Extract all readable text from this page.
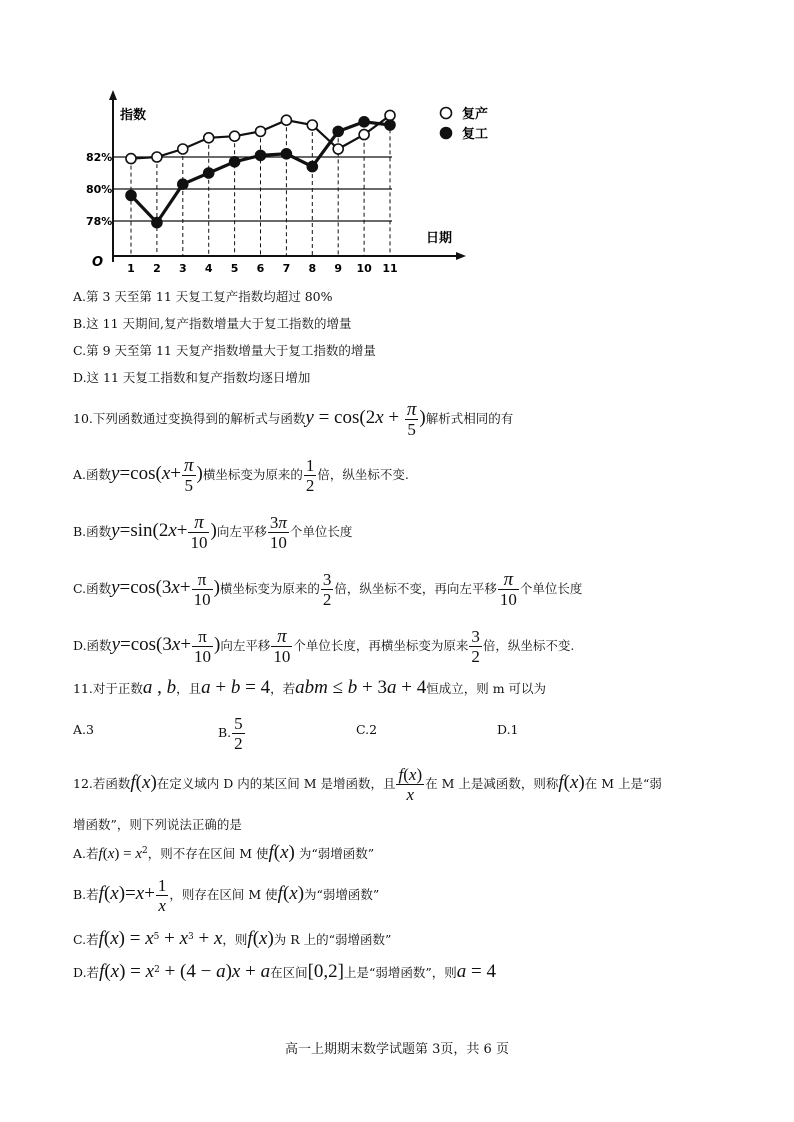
指数
日期
O
78%
80%
82%
1 2 3 4 5 6 7 8 9 10 11
复产
复工
A.第 3 天至第 11 天复工复产指数均超过 80%
B.这 11 天期间,复产指数增量大于复工指数的增量
C.第 9 天至第 11 天复产指数增量大于复工指数的增量
D.这 11 天复工指数和复产指数均逐日增加
10.下列函数通过变换得到的解析式与函数$y = \cos(2x + \frac{\pi}{5}$ )解析式相同的有
A.函数$y=\cos(x+ \frac{\pi}{5}$ )横坐标变为原来的 $\frac{1}{2}$ 倍，纵坐标不变.
B.函数$y=\sin(2x+ \frac{\pi}{10}$ )向左平移 $\frac{3\pi}{10}$ 个单位长度
C.函数$y=\cos(3x+ \frac{\pi}{10}$ )横坐标变为原来的 $\frac{3}{2}$ 倍，纵坐标不变，再向左平移 $\frac{\pi}{10}$ 个单位长度
D.函数$y=\cos(3x+ \frac{\pi}{10}$ )向左平移 $\frac{\pi}{10}$ 个单位长度，再横坐标变为原来 $\frac{3}{2}$ 倍，纵坐标不变.
11.对于正数a , b，且a + b = 4，若abm ≤ b + 3a + 4恒成立，则 m 可以为
A.3	B. $\frac{5}{2}$	C.2	D.1
12.若函数f(x)在定义域内 D 内的某区间 M 是增函数，且 $\frac{f(x)}{x}$ 在 M 上是减函数，则称f(x)在 M 上是“弱
增函数”，则下列说法正确的是
A.若$f(x) = x^2$，则不存在区间 M 使f(x) 为“弱增函数”
B.若$f(x)=x+ \frac{1}{x}$ ，则存在区间 M 使f(x)为“弱增函数”
C.若$f(x) = x^5 + x^3 + x$，则f(x)为 R 上的“弱增函数”
D.若$f(x) = x^2 + (4 - a)x + a$在区间[0,2]上是“弱增函数”，则a = 4
高一上期期末数学试题第 3页，共 6 页
